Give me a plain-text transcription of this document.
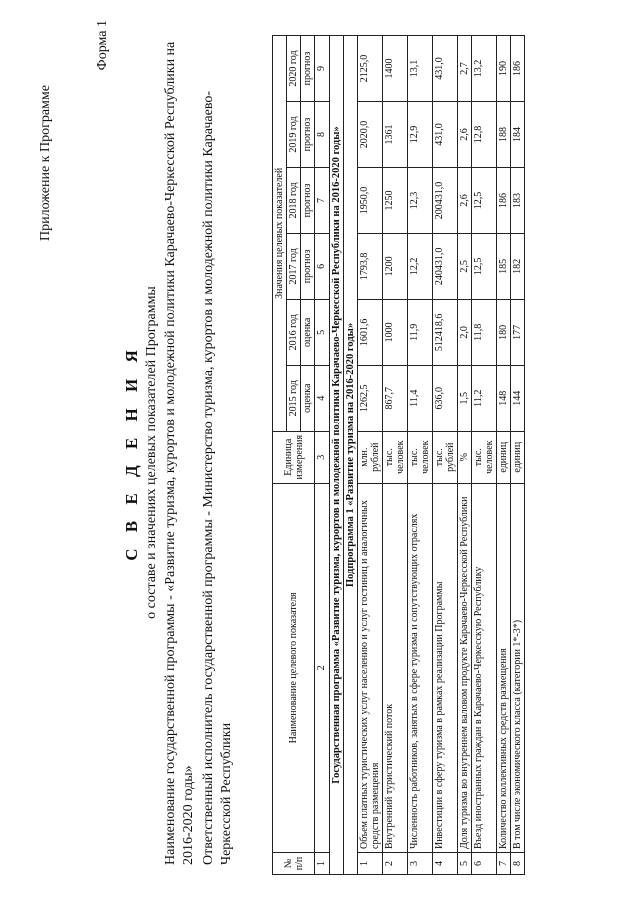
Приложение к Программе
Форма 1
С В Е Д Е Н И Я о составе и значениях целевых показателей Программы Наименование государственной программы - «Развитие туризма, курортов и молодежной политики Карачаево-Черкесской Республики на 2016-2020 годы» Ответственный исполнитель государственной программы - Министерство туризма, курортов и молодежной политики Карачаево-Черкесской Республики	№ п/п	Наименование целевого показателя	Единица измерения	Значения целевых показателей					
			2015 год	2016 год	2017 год	2018 год	2019 год	2020 год
			оценка	оценка	прогноз	прогноз	прогноз	прогноз
1	2	3	4	5	6	7	8	9
Государственная программа «Развитие туризма, курортов и молодежной политики Карачаево-Черкесской Республики на 2016-2020 годы»								
Подпрограмма 1 «Развитие туризма на 2016-2020 годы»								
1	Объем платных туристических услуг населению и услуг гостиниц и аналогичных средств размещения	млн. рублей	1262,5	1601,6	1793,8	1950,0	2020,0	2125,0
2	Внутренний туристический поток	тыс. человек	867,7	1000	1200	1250	1361	1400
3	Численность работников, занятых в сфере туризма и сопутствующих отраслях	тыс. человек	11,4	11,9	12,2	12,3	12,9	13,1
4	Инвестиции в сферу туризма в рамках реализации Программы	тыс. рублей	636,0	512418,6	240431,0	200431,0	431,0	431,0
5	Доля туризма во внутреннем валовом продукте Карачаево-Черкесской Республики	%	1,5	2,0	2,5	2,6	2,6	2,7
6	Въезд иностранных граждан в Карачаево-Черкесскую Республику	тыс. человек	11,2	11,8	12,5	12,5	12,8	13,2
7	Количество коллективных средств размещения	единиц	148	180	185	186	188	190
8	В том числе экономического класса (категории 1*-3*)	единиц	144	177	182	183	184	186
